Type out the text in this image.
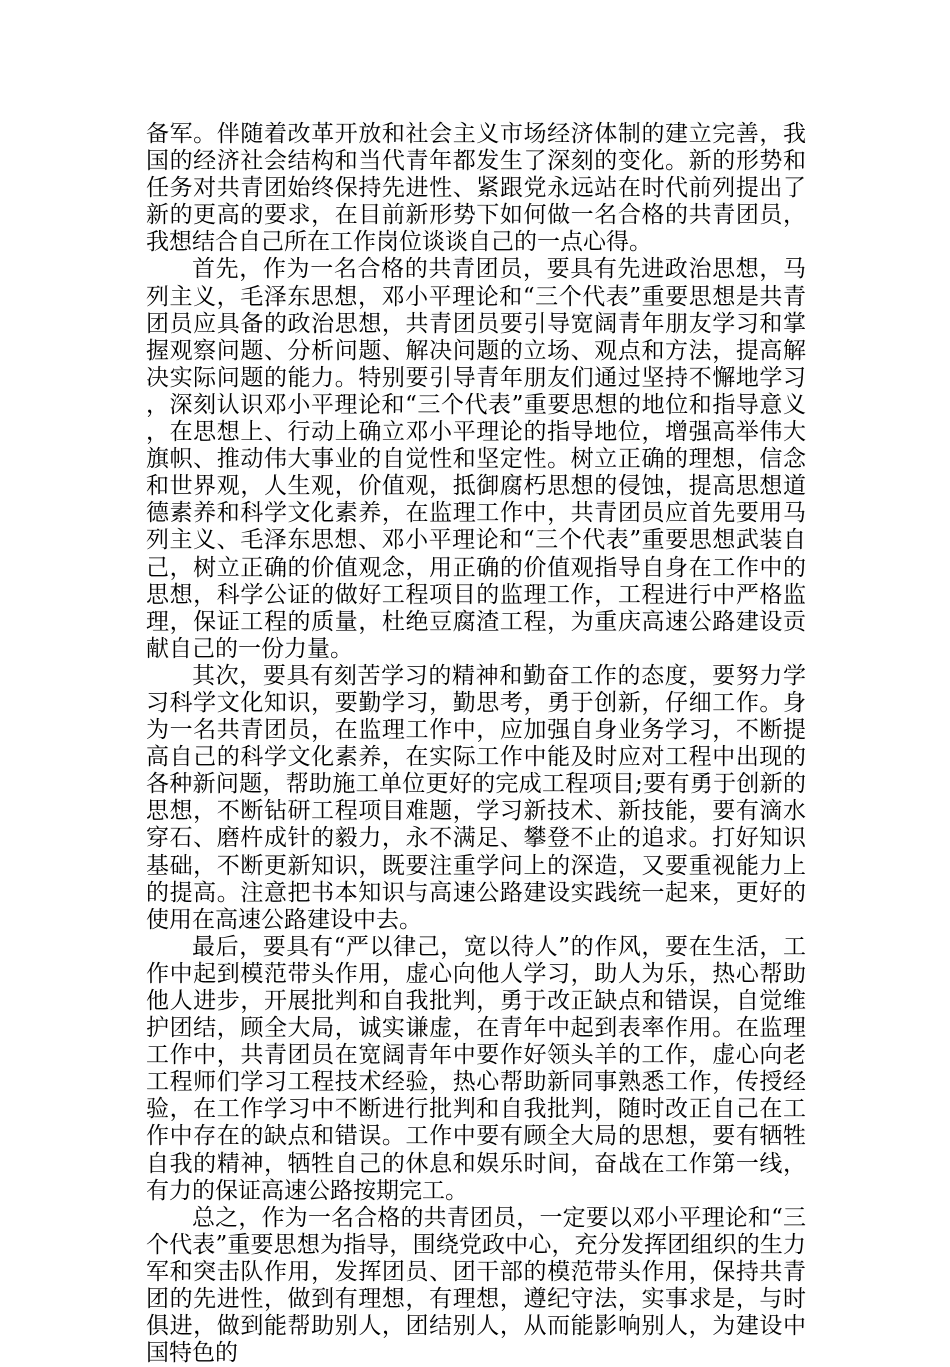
备军。伴随着改革开放和社会主义市场经济体制的建立完善，我国的经济社会结构和当代青年都发生了深刻的变化。新的形势和任务对共青团始终保持先进性、紧跟党永远站在时代前列提出了新的更高的要求，在目前新形势下如何做一名合格的共青团员，我想结合自己所在工作岗位谈谈自己的一点心得。

首先，作为一名合格的共青团员，要具有先进政治思想，马列主义，毛泽东思想，邓小平理论和“三个代表”重要思想是共青团员应具备的政治思想，共青团员要引导宽阔青年朋友学习和掌握观察问题、分析问题、解决问题的立场、观点和方法，提高解决实际问题的能力。特别要引导青年朋友们通过坚持不懈地学习，深刻认识邓小平理论和“三个代表”重要思想的地位和指导意义，在思想上、行动上确立邓小平理论的指导地位，增强高举伟大旗帜、推动伟大事业的自觉性和坚定性。树立正确的理想，信念和世界观，人生观，价值观，抵御腐朽思想的侵蚀，提高思想道德素养和科学文化素养，在监理工作中，共青团员应首先要用马列主义、毛泽东思想、邓小平理论和“三个代表”重要思想武装自己，树立正确的价值观念，用正确的价值观指导自身在工作中的思想，科学公证的做好工程项目的监理工作，工程进行中严格监理，保证工程的质量，杜绝豆腐渣工程，为重庆高速公路建设贡献自己的一份力量。

其次，要具有刻苦学习的精神和勤奋工作的态度，要努力学习科学文化知识，要勤学习，勤思考，勇于创新，仔细工作。身为一名共青团员，在监理工作中，应加强自身业务学习，不断提高自己的科学文化素养，在实际工作中能及时应对工程中出现的各种新问题，帮助施工单位更好的完成工程项目;要有勇于创新的思想，不断钻研工程项目难题，学习新技术、新技能，要有滴水穿石、磨杵成针的毅力，永不满足、攀登不止的追求。打好知识基础，不断更新知识，既要注重学问上的深造，又要重视能力上的提高。注意把书本知识与高速公路建设实践统一起来，更好的使用在高速公路建设中去。

最后，要具有“严以律己，宽以待人”的作风，要在生活，工作中起到模范带头作用，虚心向他人学习，助人为乐，热心帮助他人进步，开展批判和自我批判，勇于改正缺点和错误，自觉维护团结，顾全大局，诚实谦虚，在青年中起到表率作用。在监理工作中，共青团员在宽阔青年中要作好领头羊的工作，虚心向老工程师们学习工程技术经验，热心帮助新同事熟悉工作，传授经验，在工作学习中不断进行批判和自我批判，随时改正自己在工作中存在的缺点和错误。工作中要有顾全大局的思想，要有牺牲自我的精神，牺牲自己的休息和娱乐时间，奋战在工作第一线，有力的保证高速公路按期完工。

总之，作为一名合格的共青团员，一定要以邓小平理论和“三个代表”重要思想为指导，围绕党政中心，充分发挥团组织的生力军和突击队作用，发挥团员、团干部的模范带头作用，保持共青团的先进性，做到有理想，有理想，遵纪守法，实事求是，与时俱进，做到能帮助别人，团结别人，从而能影响别人，为建设中国特色的
